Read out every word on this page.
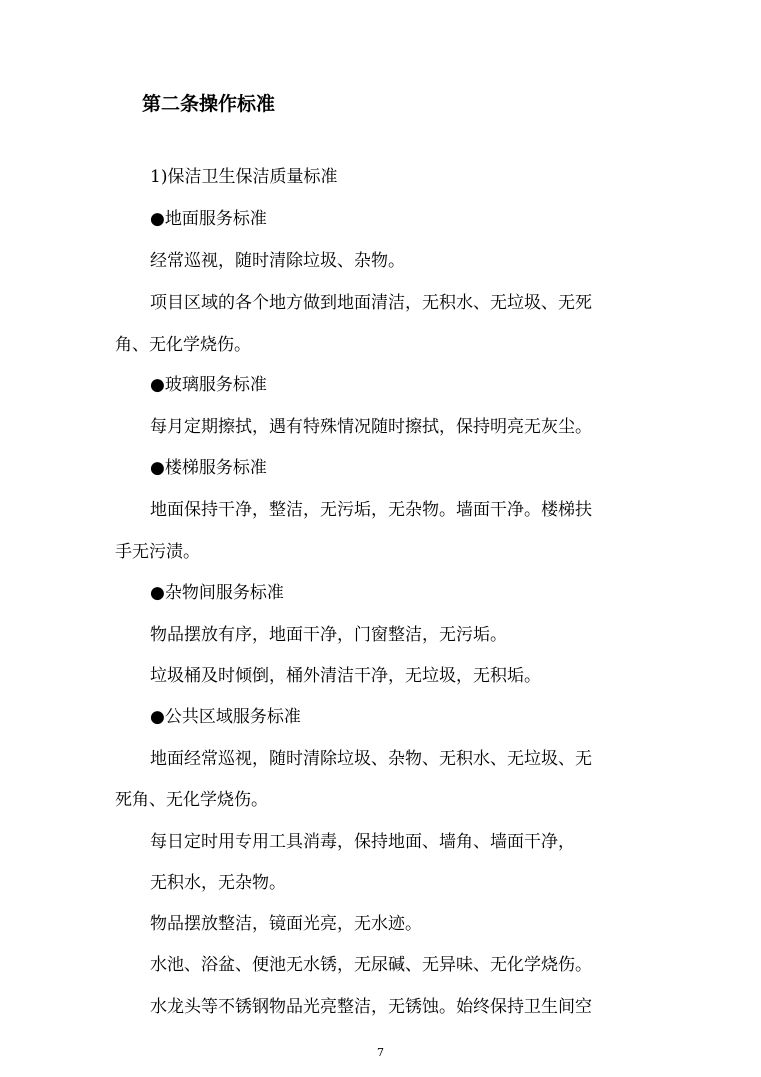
第二条操作标准
1)保洁卫生保洁质量标准
●地面服务标准
经常巡视，随时清除垃圾、杂物。
项目区域的各个地方做到地面清洁，无积水、无垃圾、无死
角、无化学烧伤。
●玻璃服务标准
每月定期擦拭，遇有特殊情况随时擦拭，保持明亮无灰尘。
●楼梯服务标准
地面保持干净，整洁，无污垢，无杂物。墙面干净。楼梯扶
手无污渍。
●杂物间服务标准
物品摆放有序，地面干净，门窗整洁，无污垢。
垃圾桶及时倾倒，桶外清洁干净，无垃圾，无积垢。
●公共区域服务标准
地面经常巡视，随时清除垃圾、杂物、无积水、无垃圾、无
死角、无化学烧伤。
每日定时用专用工具消毒，保持地面、墙角、墙面干净，
无积水，无杂物。
物品摆放整洁，镜面光亮，无水迹。
水池、浴盆、便池无水锈，无尿碱、无异味、无化学烧伤。
水龙头等不锈钢物品光亮整洁，无锈蚀。始终保持卫生间空
7
